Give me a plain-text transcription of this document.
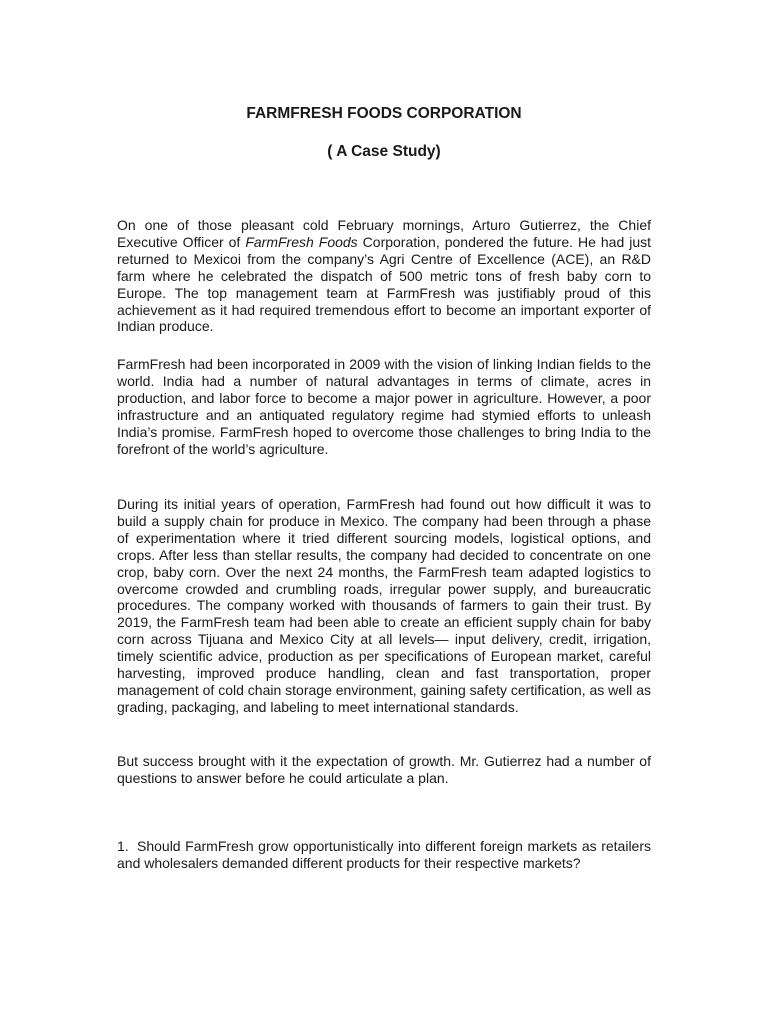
FARMFRESH FOODS CORPORATION
( A Case Study)

On one of those pleasant cold February mornings, Arturo Gutierrez, the Chief Executive Officer of FarmFresh Foods Corporation, pondered the future. He had just returned to Mexicoi from the company’s Agri Centre of Excellence (ACE), an R&D farm where he celebrated the dispatch of 500 metric tons of fresh baby corn to Europe. The top management team at FarmFresh was justifiably proud of this achievement as it had required tremendous effort to become an important exporter of Indian produce.

FarmFresh had been incorporated in 2009 with the vision of linking Indian fields to the world. India had a number of natural advantages in terms of climate, acres in production, and labor force to become a major power in agriculture. However, a poor infrastructure and an antiquated regulatory regime had stymied efforts to unleash India’s promise. FarmFresh hoped to overcome those challenges to bring India to the forefront of the world’s agriculture.

During its initial years of operation, FarmFresh had found out how difficult it was to build a supply chain for produce in Mexico. The company had been through a phase of experimentation where it tried different sourcing models, logistical options, and crops. After less than stellar results, the company had decided to concentrate on one crop, baby corn. Over the next 24 months, the FarmFresh team adapted logistics to overcome crowded and crumbling roads, irregular power supply, and bureaucratic procedures. The company worked with thousands of farmers to gain their trust. By 2019, the FarmFresh team had been able to create an efficient supply chain for baby corn across Tijuana and Mexico City at all levels— input delivery, credit, irrigation, timely scientific advice, production as per specifications of European market, careful harvesting, improved produce handling, clean and fast transportation, proper management of cold chain storage environment, gaining safety certification, as well as grading, packaging, and labeling to meet international standards.

But success brought with it the expectation of growth. Mr. Gutierrez had a number of questions to answer before he could articulate a plan.

1. Should FarmFresh grow opportunistically into different foreign markets as retailers and wholesalers demanded different products for their respective markets?
